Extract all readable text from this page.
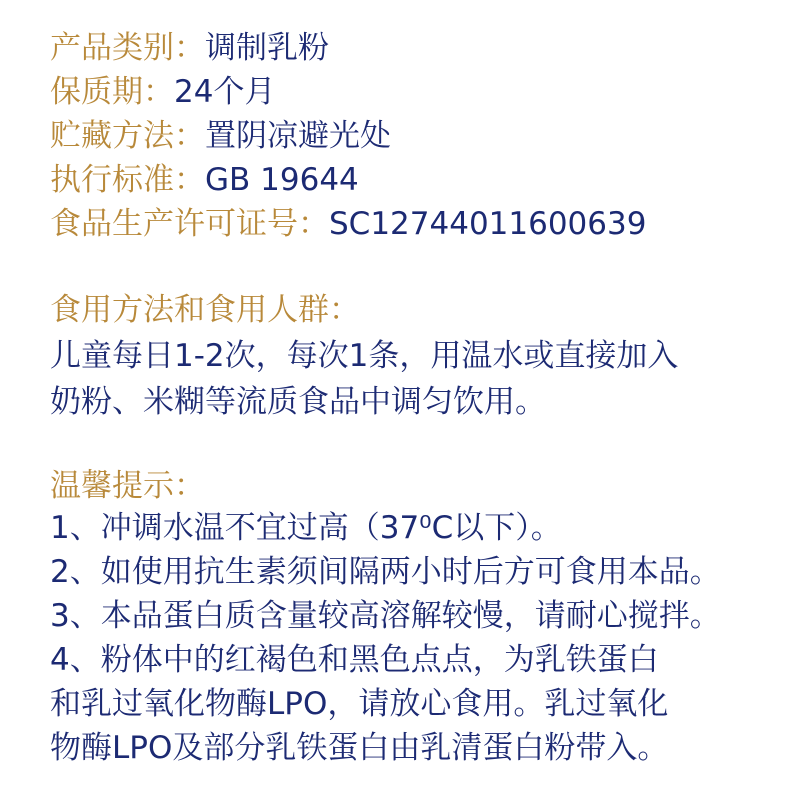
产品类别：调制乳粉
保质期：24个月
贮藏方法：置阴凉避光处
执行标准：GB 19644
食品生产许可证号：SC12744011600639
食用方法和食用人群：
儿童每日1-2次，每次1条，用温水或直接加入
奶粉、米糊等流质食品中调匀饮用。
温馨提示：
1、冲调水温不宜过高（37⁰C以下）。
2、如使用抗生素须间隔两小时后方可食用本品。
3、本品蛋白质含量较高溶解较慢，请耐心搅拌。
4、粉体中的红褐色和黑色点点，为乳铁蛋白
和乳过氧化物酶LPO，请放心食用。乳过氧化
物酶LPO及部分乳铁蛋白由乳清蛋白粉带入。
